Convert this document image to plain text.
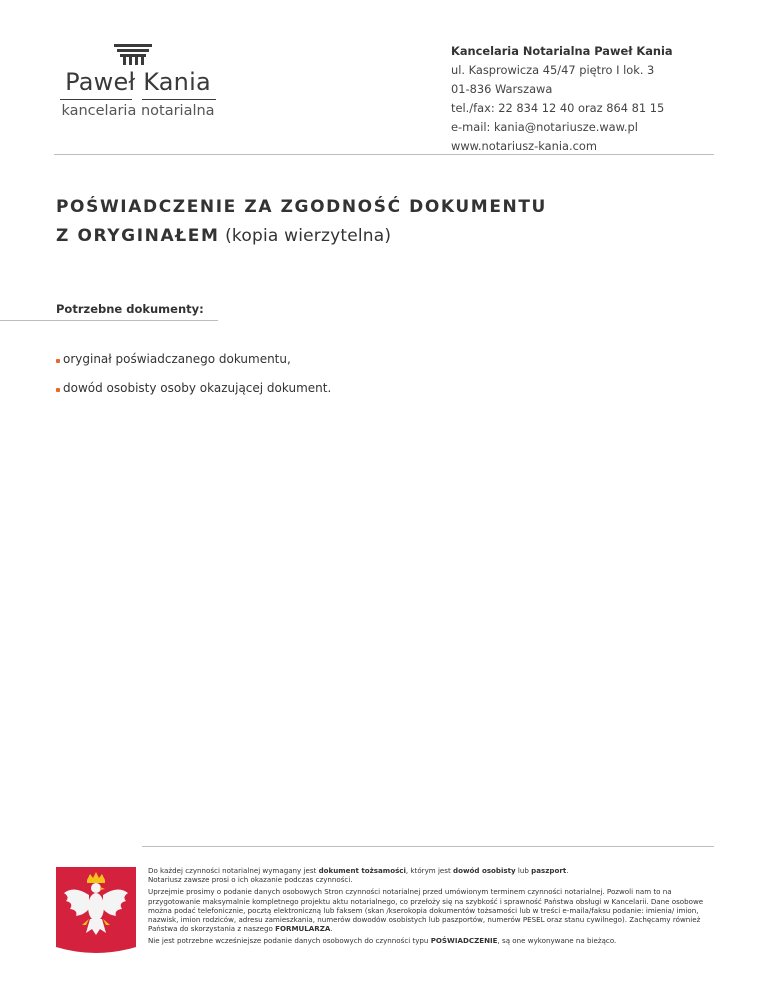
Paweł Kania
kancelaria notarialna
Kancelaria Notarialna Paweł Kania
ul. Kasprowicza 45/47 piętro I lok. 3
01-836 Warszawa
tel./fax: 22 834 12 40 oraz 864 81 15
e-mail: kania@notariusze.waw.pl
www.notariusz-kania.com
POŚWIADCZENIE ZA ZGODNOŚĆ DOKUMENTU
Z ORYGINAŁEM (kopia wierzytelna)
Potrzebne dokumenty:
oryginał poświadczanego dokumentu,
dowód osobisty osoby okazującej dokument.

Do każdej czynności notarialnej wymagany jest dokument tożsamości, którym jest dowód osobisty lub paszport.
Notariusz zawsze prosi o ich okazanie podczas czynności.

Uprzejmie prosimy o podanie danych osobowych Stron czynności notarialnej przed umówionym terminem czynności notarialnej. Pozwoli nam to na przygotowanie maksymalnie kompletnego projektu aktu notarialnego, co przełoży się na szybkość i sprawność Państwa obsługi w Kancelarii. Dane osobowe można podać telefonicznie, pocztą elektroniczną lub faksem (skan /kserokopia dokumentów tożsamości lub w treści e-maila/faksu podanie: imienia/ imion, nazwisk, imion rodziców, adresu zamieszkania, numerów dowodów osobistych lub paszportów, numerów PESEL oraz stanu cywilnego). Zachęcamy również Państwa do skorzystania z naszego FORMULARZA.

Nie jest potrzebne wcześniejsze podanie danych osobowych do czynności typu POŚWIADCZENIE, są one wykonywane na bieżąco.
